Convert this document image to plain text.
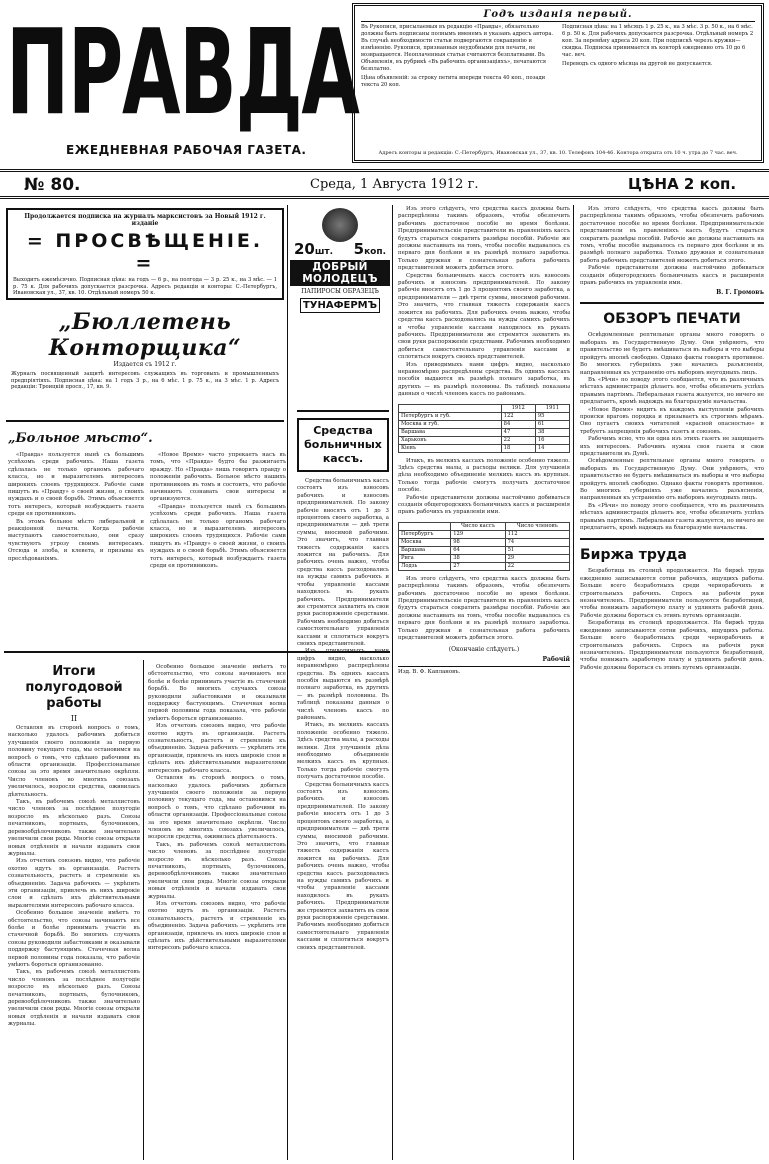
ПРАВДА
ЕЖЕДНЕВНАЯ РАБОЧАЯ ГАЗЕТА.
Годъ изданія первый.
Въ Рукописи, присылаемыя въ редакцію «Правды», обязательно должны быть подписаны полнымъ именемъ и указанъ адресъ автора. Въ случаѣ необходимости статьи подвергаются сокращенію и измѣненію. Рукописи, признанныя неудобными для печати, не возвращаются. Неоплаченныя статьи считаются безплатными. Въ Объявленія, въ рубрикѣ «Въ рабочихъ организаціяхъ», печатаются безплатно.
Цѣна объявленій: за строку петита впереди текста 40 коп., позади текста 20 коп.
Подписная цѣна: на 1 мѣсяцъ 1 р. 25 к., на 3 мѣс. 3 р. 50 к., на 6 мѣс. 6 р. 50 к. Для рабочихъ допускается разсрочка. Отдѣльный номеръ 2 коп. За перемѣну адреса 20 коп. При подпискѣ черезъ кружки—скидка. Подписка принимается въ конторѣ ежедневно отъ 10 до 6 час. веч.
Переводъ съ одного мѣсяца на другой не допускается.
Адресъ конторы и редакціи: С.-Петербургъ, Ивановская ул., 37, кв. 10. Телефонъ 104-46. Контора открыта отъ 10 ч. утра до 7 час. веч.
№ 80.	Среда, 1 Августа 1912 г.	ЦѢНА 2 коп.
Продолжается подписка на журналъ марксистовъ за Новый 1912 г. изданіе
= ПРОСВѢЩЕНІЕ. =
Выходитъ ежемѣсячно. Подписная цѣна: на годъ — 6 р., на полгода — 3 р. 25 к., на 3 мѣс. — 1 р. 75 к. Для рабочихъ допускается разсрочка. Адресъ редакціи и конторы: С.-Петербургъ, Ивановская ул., 37, кв. 10. Отдѣльный номеръ 50 к.
„Бюллетень Конторщика“
Издается съ 1912 г.
Журналъ посвященный защитѣ интересовъ служащихъ въ торговыхъ и промышленныхъ предпріятіяхъ. Подписная цѣна: на 1 годъ 3 р., на 6 мѣс. 1 р. 75 к., на 3 мѣс. 1 р. Адресъ редакціи: Троицкій просп., 17, кв. 9.
„Больное мѣсто“.

«Правда» пользуется нынѣ съ большимъ успѣхомъ среди рабочихъ. Наша газета сдѣлалась не только органомъ рабочаго класса, но и выразителемъ интересовъ широкихъ слоевъ трудящихся. Рабочіе сами пишутъ въ «Правду» о своей жизни, о своихъ нуждахъ и о своей борьбѣ. Этимъ объясняется тотъ интересъ, который возбуждаетъ газета среди ея противниковъ.

Въ этомъ больное мѣсто либеральной и реакціонной печати. Когда рабочіе выступаютъ самостоятельно, они сразу чувствуютъ угрозу своимъ интересамъ. Отсюда и злоба, и клевета, и призывы къ преслѣдованіямъ.

«Новое Время» часто упрекаетъ насъ въ томъ, что «Правда» будто бы разжигаетъ вражду. Но «Правда» лишь говоритъ правду о положеніи рабочихъ. Больное мѣсто нашихъ противниковъ въ томъ и состоитъ, что рабочіе начинаютъ сознавать свои интересы и организуются.

«Правда» пользуется нынѣ съ большимъ успѣхомъ среди рабочихъ. Наша газета сдѣлалась не только органомъ рабочаго класса, но и выразителемъ интересовъ широкихъ слоевъ трудящихся. Рабочіе сами пишутъ въ «Правду» о своей жизни, о своихъ нуждахъ и о своей борьбѣ. Этимъ объясняется тотъ интересъ, который возбуждаетъ газета среди ея противниковъ.

Итоги полугодовой работы
II

Оставляя въ сторонѣ вопросъ о томъ, насколько удалось рабочимъ добиться улучшенія своего положенія за первую половину текущаго года, мы остановимся на вопросѣ о томъ, что сдѣлано рабочими въ области организаціи. Профессіональные союзы за это время значительно окрѣпли. Число членовъ во многихъ союзахъ увеличилось, возросли средства, оживилась дѣятельность.

Такъ, въ рабочемъ союзѣ металлистовъ число членовъ за послѣднее полугодіе возросло въ нѣсколько разъ. Союзы печатниковъ, портныхъ, булочниковъ, деревообдѣлочниковъ также значительно увеличили свои ряды. Многіе союзы открыли новыя отдѣленія и начали издавать свои журналы.

Изъ отчетовъ союзовъ видно, что рабочіе охотно идутъ въ организаціи. Растетъ сознательность, растетъ и стремленіе къ объединенію. Задача рабочихъ — укрѣпить эти организаціи, привлечь въ нихъ широкіе слои и сдѣлать ихъ дѣйствительными выразителями интересовъ рабочаго класса.

Особенно большое значеніе имѣетъ то обстоятельство, что союзы начинаютъ все болѣе и болѣе принимать участіе въ стачечной борьбѣ. Во многихъ случаяхъ союзы руководили забастовками и оказывали поддержку бастующимъ. Стачечная волна первой половины года показала, что рабочіе умѣютъ бороться организованно.

Такъ, въ рабочемъ союзѣ металлистовъ число членовъ за послѣднее полугодіе возросло въ нѣсколько разъ. Союзы печатниковъ, портныхъ, булочниковъ, деревообдѣлочниковъ также значительно увеличили свои ряды. Многіе союзы открыли новыя отдѣленія и начали издавать свои журналы.

Особенно большое значеніе имѣетъ то обстоятельство, что союзы начинаютъ все болѣе и болѣе принимать участіе въ стачечной борьбѣ. Во многихъ случаяхъ союзы руководили забастовками и оказывали поддержку бастующимъ. Стачечная волна первой половины года показала, что рабочіе умѣютъ бороться организованно.

Изъ отчетовъ союзовъ видно, что рабочіе охотно идутъ въ организаціи. Растетъ сознательность, растетъ и стремленіе къ объединенію. Задача рабочихъ — укрѣпить эти организаціи, привлечь въ нихъ широкіе слои и сдѣлать ихъ дѣйствительными выразителями интересовъ рабочаго класса.

Оставляя въ сторонѣ вопросъ о томъ, насколько удалось рабочимъ добиться улучшенія своего положенія за первую половину текущаго года, мы остановимся на вопросѣ о томъ, что сдѣлано рабочими въ области организаціи. Профессіональные союзы за это время значительно окрѣпли. Число членовъ во многихъ союзахъ увеличилось, возросли средства, оживилась дѣятельность.

Такъ, въ рабочемъ союзѣ металлистовъ число членовъ за послѣднее полугодіе возросло въ нѣсколько разъ. Союзы печатниковъ, портныхъ, булочниковъ, деревообдѣлочниковъ также значительно увеличили свои ряды. Многіе союзы открыли новыя отдѣленія и начали издавать свои журналы.

Изъ отчетовъ союзовъ видно, что рабочіе охотно идутъ въ организаціи. Растетъ сознательность, растетъ и стремленіе къ объединенію. Задача рабочихъ — укрѣпить эти организаціи, привлечь въ нихъ широкіе слои и сдѣлать ихъ дѣйствительными выразителями интересовъ рабочаго класса.

20шт. 5коп.
ДОБРЫЙ МОЛОДЕЦЪ
ПАПИРОСЫ ОБРАЗЕЦЪ
ТУНАФЕРМЪ
Средства больничных кассъ.

Средства больничныхъ кассъ состоятъ изъ взносовъ рабочихъ и взносовъ предпринимателей. По закону рабочіе вносятъ отъ 1 до 3 процентовъ своего заработка, а предприниматели — двѣ трети суммы, вносимой рабочими. Это значитъ, что главная тяжесть содержанія кассъ ложится на рабочихъ. Для рабочихъ очень важно, чтобы средства кассъ расходовались на нужды самихъ рабочихъ и чтобы управленіе кассами находилось въ рукахъ рабочихъ. Предприниматели же стремятся захватить въ свои руки распоряженіе средствами. Рабочимъ необходимо добиться самостоятельнаго управленія кассами и сплотиться вокругъ своихъ представителей.

Изъ приводимыхъ нами цифръ видно, насколько неравномѣрно распредѣлены средства. Въ однихъ кассахъ пособія выдаются въ размѣрѣ полнаго заработка, въ другихъ — въ размѣрѣ половины. Въ таблицѣ показаны данныя о числѣ членовъ кассъ по районамъ.

Итакъ, въ мелкихъ кассахъ положеніе особенно тяжело. Здѣсь средства малы, а расходы велики. Для улучшенія дѣла необходимо объединеніе мелкихъ кассъ въ крупныя. Только тогда рабочіе смогутъ получать достаточное пособіе.

Средства больничныхъ кассъ состоятъ изъ взносовъ рабочихъ и взносовъ предпринимателей. По закону рабочіе вносятъ отъ 1 до 3 процентовъ своего заработка, а предприниматели — двѣ трети суммы, вносимой рабочими. Это значитъ, что главная тяжесть содержанія кассъ ложится на рабочихъ. Для рабочихъ очень важно, чтобы средства кассъ расходовались на нужды самихъ рабочихъ и чтобы управленіе кассами находилось въ рукахъ рабочихъ. Предприниматели же стремятся захватить въ свои руки распоряженіе средствами. Рабочимъ необходимо добиться самостоятельнаго управленія кассами и сплотиться вокругъ своихъ представителей.

Изъ этого слѣдуетъ, что средства кассъ должны быть распредѣлены такимъ образомъ, чтобы обезпечить рабочимъ достаточное пособіе во время болѣзни. Предпринимательскіе представители въ правленіяхъ кассъ будутъ стараться сократить размѣры пособій. Рабочіе же должны настаивать на томъ, чтобы пособіе выдавалось съ перваго дня болѣзни и въ размѣрѣ полнаго заработка. Только дружная и сознательная работа рабочихъ представителей можетъ добиться этого.

Средства больничныхъ кассъ состоятъ изъ взносовъ рабочихъ и взносовъ предпринимателей. По закону рабочіе вносятъ отъ 1 до 3 процентовъ своего заработка, а предприниматели — двѣ трети суммы, вносимой рабочими. Это значитъ, что главная тяжесть содержанія кассъ ложится на рабочихъ. Для рабочихъ очень важно, чтобы средства кассъ расходовались на нужды самихъ рабочихъ и чтобы управленіе кассами находилось въ рукахъ рабочихъ. Предприниматели же стремятся захватить въ свои руки распоряженіе средствами. Рабочимъ необходимо добиться самостоятельнаго управленія кассами и сплотиться вокругъ своихъ представителей.

Изъ приводимыхъ нами цифръ видно, насколько неравномѣрно распредѣлены средства. Въ однихъ кассахъ пособія выдаются въ размѣрѣ полнаго заработка, въ другихъ — въ размѣрѣ половины. Въ таблицѣ показаны данныя о числѣ членовъ кассъ по районамъ.

	1912	1911
Петербургъ и губ.	122	95
Москва и губ.	84	61
Варшава	47	38
Харьковъ	22	16
Кіевъ	18	14

Итакъ, въ мелкихъ кассахъ положеніе особенно тяжело. Здѣсь средства малы, а расходы велики. Для улучшенія дѣла необходимо объединеніе мелкихъ кассъ въ крупныя. Только тогда рабочіе смогутъ получать достаточное пособіе.

Рабочіе представители должны настойчиво добиваться созданія общегородскихъ больничныхъ кассъ и расширенія правъ рабочихъ въ управленіи ими.

	Число кассъ	Число членовъ
Петербургъ	129	112
Москва	98	74
Варшава	64	51
Рига	38	29
Лодзь	27	22

Изъ этого слѣдуетъ, что средства кассъ должны быть распредѣлены такимъ образомъ, чтобы обезпечить рабочимъ достаточное пособіе во время болѣзни. Предпринимательскіе представители въ правленіяхъ кассъ будутъ стараться сократить размѣры пособій. Рабочіе же должны настаивать на томъ, чтобы пособіе выдавалось съ перваго дня болѣзни и въ размѣрѣ полнаго заработка. Только дружная и сознательная работа рабочихъ представителей можетъ добиться этого.

(Окончаніе слѣдуетъ.)
Рабочій
Изд. В. Ф. Каплановъ.

Изъ этого слѣдуетъ, что средства кассъ должны быть распредѣлены такимъ образомъ, чтобы обезпечить рабочимъ достаточное пособіе во время болѣзни. Предпринимательскіе представители въ правленіяхъ кассъ будутъ стараться сократить размѣры пособій. Рабочіе же должны настаивать на томъ, чтобы пособіе выдавалось съ перваго дня болѣзни и въ размѣрѣ полнаго заработка. Только дружная и сознательная работа рабочихъ представителей можетъ добиться этого.

Рабочіе представители должны настойчиво добиваться созданія общегородскихъ больничныхъ кассъ и расширенія правъ рабочихъ въ управленіи ими.

В. Г. Громовъ
ОБЗОРЪ ПЕЧАТИ

Освѣдомленные рептильные органы много говорятъ о выборахъ въ Государственную Думу. Они увѣряютъ, что правительство не будетъ вмѣшиваться въ выборы и что выборы пройдутъ вполнѣ свободно. Однако факты говорятъ противное. Во многихъ губерніяхъ уже начались разъясненія, направленныя къ устраненію отъ выборовъ неугодныхъ лицъ.

Въ «Рѣчи» по поводу этого сообщается, что въ различныхъ мѣстахъ администрація дѣлаетъ все, чтобы обезпечить успѣхъ правымъ партіямъ. Либеральная газета жалуется, но ничего не предлагаетъ, кромѣ надеждъ на благоразуміе начальства.

«Новое Время» видитъ въ каждомъ выступленіи рабочихъ происки враговъ порядка и призываетъ къ строгимъ мѣрамъ. Оно пугаетъ своихъ читателей «красной опасностью» и требуетъ запрещенія рабочихъ газетъ и союзовъ.

Рабочимъ ясно, что ни одна изъ этихъ газетъ не защищаетъ ихъ интересовъ. Рабочимъ нужна своя газета и свои представители въ Думѣ.

Освѣдомленные рептильные органы много говорятъ о выборахъ въ Государственную Думу. Они увѣряютъ, что правительство не будетъ вмѣшиваться въ выборы и что выборы пройдутъ вполнѣ свободно. Однако факты говорятъ противное. Во многихъ губерніяхъ уже начались разъясненія, направленныя къ устраненію отъ выборовъ неугодныхъ лицъ.

Въ «Рѣчи» по поводу этого сообщается, что въ различныхъ мѣстахъ администрація дѣлаетъ все, чтобы обезпечить успѣхъ правымъ партіямъ. Либеральная газета жалуется, но ничего не предлагаетъ, кромѣ надеждъ на благоразуміе начальства.

Биржа труда

Безработица въ столицѣ продолжается. На биржѣ труда ежедневно записываются сотни рабочихъ, ищущихъ работы. Больше всего безработныхъ среди чернорабочихъ и строительныхъ рабочихъ. Спросъ на рабочія руки незначителенъ. Предприниматели пользуются безработицей, чтобы понижать заработную плату и удлинять рабочій день. Рабочіе должны бороться съ этимъ путемъ организаціи.

Безработица въ столицѣ продолжается. На биржѣ труда ежедневно записываются сотни рабочихъ, ищущихъ работы. Больше всего безработныхъ среди чернорабочихъ и строительныхъ рабочихъ. Спросъ на рабочія руки незначителенъ. Предприниматели пользуются безработицей, чтобы понижать заработную плату и удлинять рабочій день. Рабочіе должны бороться съ этимъ путемъ организаціи.
